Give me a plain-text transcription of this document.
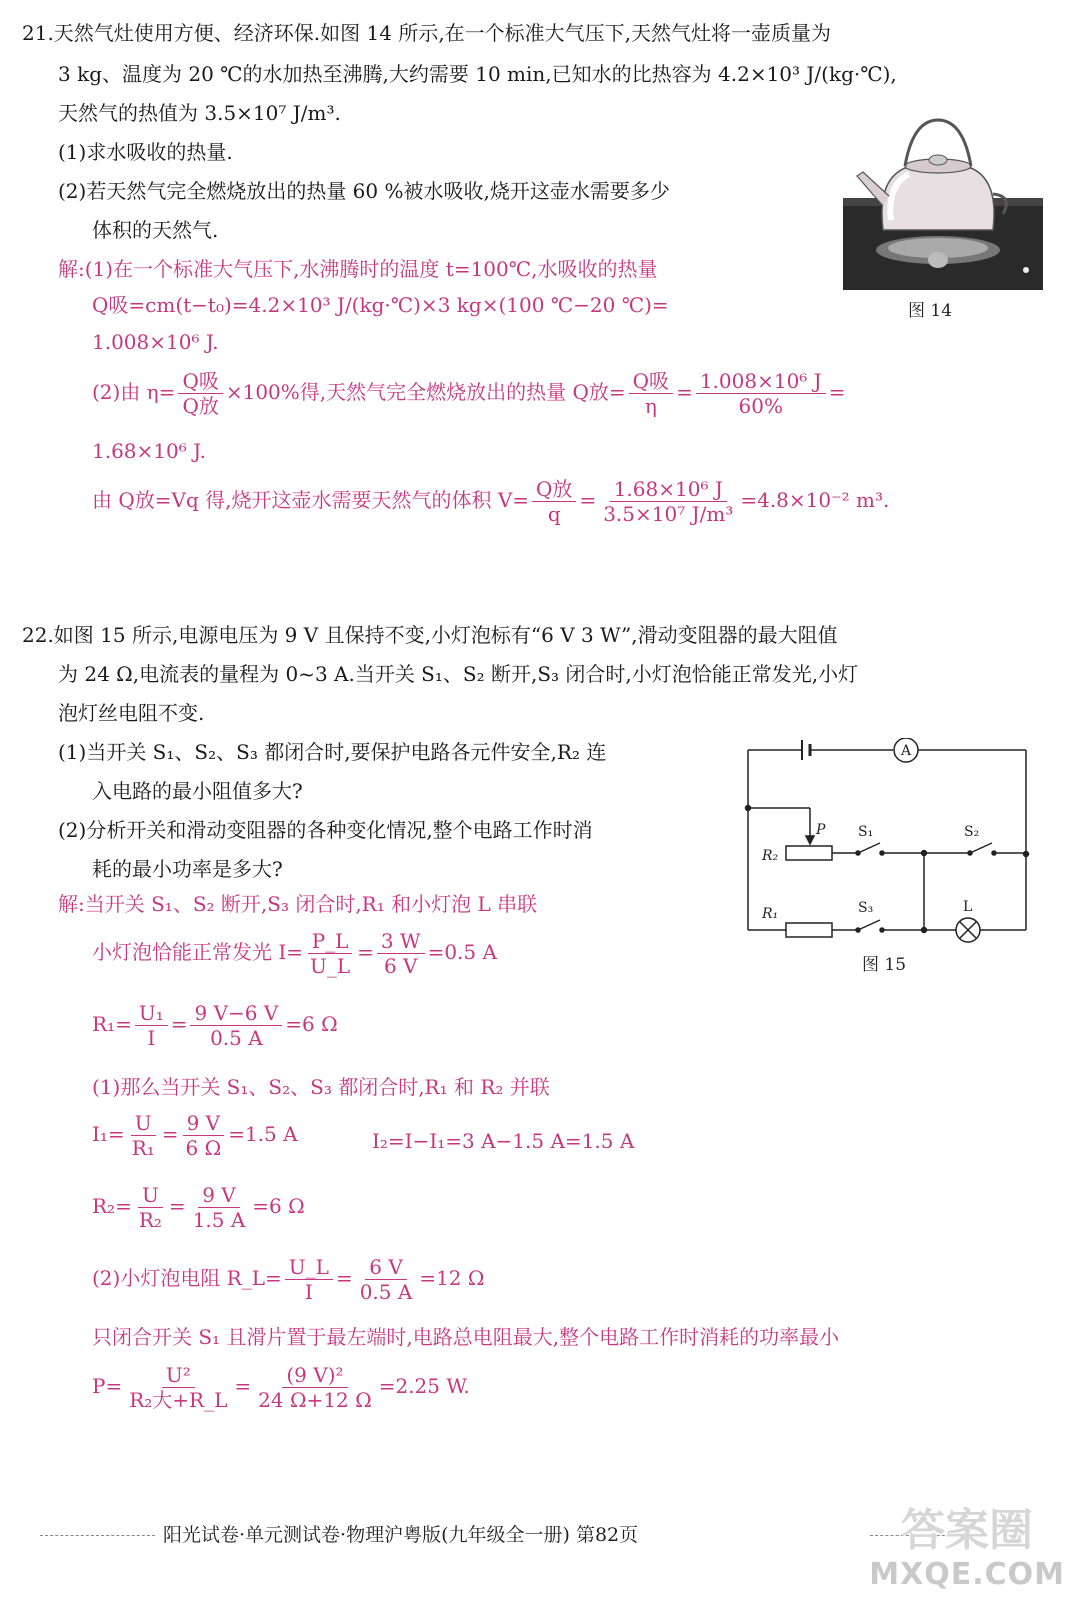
21.天然气灶使用方便、经济环保.如图 14 所示,在一个标准大气压下,天然气灶将一壶质量为
3 kg、温度为 20 ℃的水加热至沸腾,大约需要 10 min,已知水的比热容为 4.2×10³ J/(kg·℃),
天然气的热值为 3.5×10⁷ J/m³.
(1)求水吸收的热量.
(2)若天然气完全燃烧放出的热量 60 %被水吸收,烧开这壶水需要多少
体积的天然气.
图 14
解:(1)在一个标准大气压下,水沸腾时的温度 t=100℃,水吸收的热量
Q吸=cm(t−t₀)=4.2×10³ J/(kg·℃)×3 kg×(100 ℃−20 ℃)=
1.008×10⁶ J.
(2)由 $\eta= \frac{\text{Q吸}}{\text{Q放}} \times 100\%$得,天然气完全燃烧放出的热量 Q放= $\frac{\text{Q吸}}{\eta} = \frac{\text{1.008×10⁶ J}}{60\%}$ =
1.68×10⁶ J.
由 Q放=Vq 得,烧开这壶水需要天然气的体积 $V= \frac{\text{Q放}}{q} = \frac{\text{1.68×10⁶ J}}{\text{3.5×10⁷ J/m³}} =4.8\times 10^{-2}$ m³.
22.如图 15 所示,电源电压为 9 V 且保持不变,小灯泡标有“6 V 3 W”,滑动变阻器的最大阻值
为 24 Ω,电流表的量程为 0~3 A.当开关 S₁、S₂ 断开,S₃ 闭合时,小灯泡恰能正常发光,小灯
泡灯丝电阻不变.
(1)当开关 S₁、S₂、S₃ 都闭合时,要保护电路各元件安全,R₂ 连
入电路的最小阻值多大?
(2)分析开关和滑动变阻器的各种变化情况,整个电路工作时消
耗的最小功率是多大?
A
P
R₂
S₁	S₂
R₁	S₃	L
图 15
解:当开关 S₁、S₂ 断开,S₃ 闭合时,R₁ 和小灯泡 L 串联
小灯泡恰能正常发光 $I= \frac{P\_L}{U\_L} = \frac{3 W}{6 V} =0.5$ A
$R_1= \frac{\text{U₁}}{I} = \frac{9 V-6 V}{0.5 A} =6$ Ω
(1)那么当开关 S₁、S₂、S₃ 都闭合时,R₁ 和 R₂ 并联
$I_1= \frac{U}{\text{R₁}} = \frac{9 V}{6 \Omega} =1.5$ A	I₂=I−I₁=3 A−1.5 A=1.5 A
$R_2= \frac{U}{\text{R₂}} = \frac{9 V}{1.5 A} =6$ Ω
(2)小灯泡电阻 R_L= $\frac{U\_L}{I} = \frac{6 V}{0.5 A} =12$ Ω
只闭合开关 S₁ 且滑片置于最左端时,电路总电阻最大,整个电路工作时消耗的功率最小
$P= \frac{\text{U²}}{\text{R₂大+R\_L}} = \frac{\text{(9 V)²}}{24 \Omega+12 \Omega} =2.25$ W.
阳光试卷·单元测试卷·物理沪粤版(九年级全一册) 第82页	答案圈
MXQE.COM
